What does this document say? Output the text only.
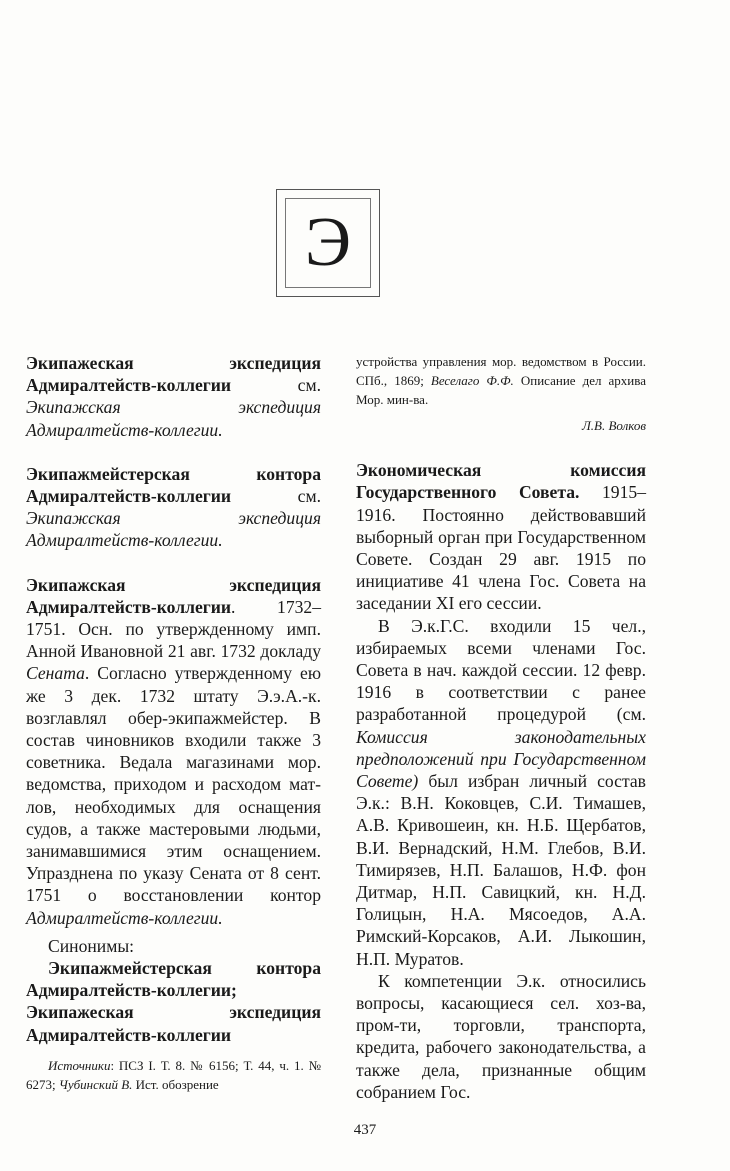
Э

Экипажеская экспедиция Адмиралтейств-коллегии см. Экипажская экспедиция Адмиралтейств-коллегии.

Экипажмейстерская контора Адмиралтейств-коллегии см. Экипажская экспедиция Адмиралтейств-коллегии.

Экипажская экспедиция Адмиралтейств-коллегии. 1732–1751. Осн. по утвержденному имп. Анной Ивановной 21 авг. 1732 докладу Сената. Согласно утвержденному ею же 3 дек. 1732 штату Э.э.А.-к. возглавлял обер-экипажмейстер. В состав чиновников входили также 3 советника. Ведала магазинами мор. ведомства, приходом и расходом мат-лов, необходимых для оснащения судов, а также мастеровыми людьми, занимавшимися этим оснащением. Упразднена по указу Сената от 8 сент. 1751 о восстановлении контор Адмиралтейств-коллегии.

Синонимы:

Экипажмейстерская контора Адмиралтейств-коллегии; Экипажеская экспедиция Адмиралтейств-коллегии

Источники: ПСЗ I. Т. 8. № 6156; Т. 44, ч. 1. № 6273; Чубинский В. Ист. обозрение

устройства управления мор. ведомством в России. СПб., 1869; Веселаго Ф.Ф. Описание дел архива Мор. мин-ва.

Л.В. Волков

Экономическая комиссия Государственного Совета. 1915–1916. Постоянно действовавший выборный орган при Государственном Совете. Создан 29 авг. 1915 по инициативе 41 члена Гос. Совета на заседании XI его сессии.

В Э.к.Г.С. входили 15 чел., избираемых всеми членами Гос. Совета в нач. каждой сессии. 12 февр. 1916 в соответствии с ранее разработанной процедурой (см. Комиссия законодательных предположений при Государственном Совете) был избран личный состав Э.к.: В.Н. Коковцев, С.И. Тимашев, А.В. Кривошеин, кн. Н.Б. Щербатов, В.И. Вернадский, Н.М. Глебов, В.И. Тимирязев, Н.П. Балашов, Н.Ф. фон Дитмар, Н.П. Савицкий, кн. Н.Д. Голицын, Н.А. Мясоедов, А.А. Римский-Корсаков, А.И. Лыкошин, Н.П. Муратов.

К компетенции Э.к. относились вопросы, касающиеся сел. хоз-ва, пром-ти, торговли, транспорта, кредита, рабочего законодательства, а также дела, признанные общим собранием Гос.

437
